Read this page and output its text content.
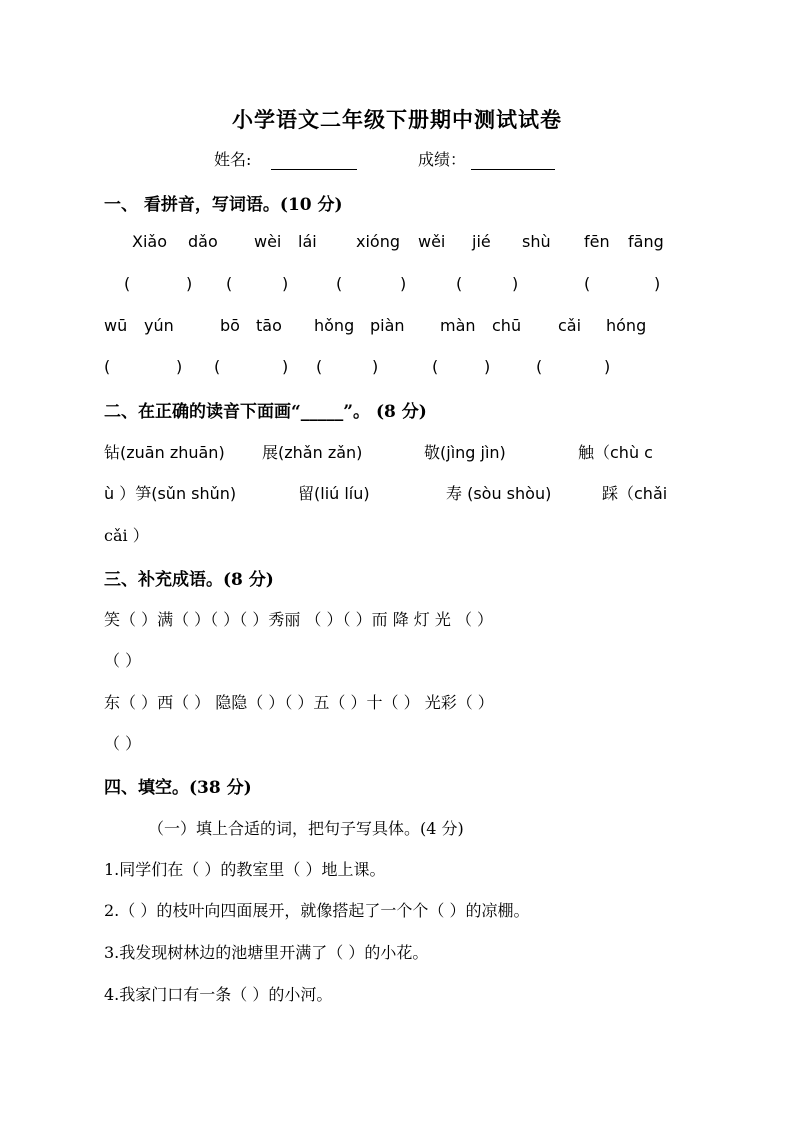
小学语文二年级下册期中测试试卷
姓名:	成绩：
一、 看拼音，写词语。(10 分)
Xiǎo dǎo wèi lái xióng wěi jié shù fēn fāng
(	) (	)	(	)	(	)	(	)
wū yún	bō tāo hǒng piàn màn chū cǎi hóng
(	) (	) (	)	(	)	(	)
二、在正确的读音下面画“_____”。 (8 分)
钻(zuān zhuān) 展(zhǎn zǎn)	敬(jìng jìn)	触（chù c
ù ）笋(sǔn shǔn)	留(liú líu)	寿 (sòu shòu)	踩（chǎi
cǎi ）
三、补充成语。(8 分)
笑（ ）满（ ）（ ）（ ）秀丽 （ ）（ ）而 降 灯 光 （ ）
（ ）
东（ ）西（ ） 隐隐（ ）（ ）五（ ）十（ ） 光彩（ ）
（ ）
四、填空。(38 分)
（一）填上合适的词，把句子写具体。(4 分)
1.同学们在（ ）的教室里（ ）地上课。
2.（ ）的枝叶向四面展开，就像搭起了一个个（ ）的凉棚。
3.我发现树林边的池塘里开满了（ ）的小花。
4.我家门口有一条（ ）的小河。
